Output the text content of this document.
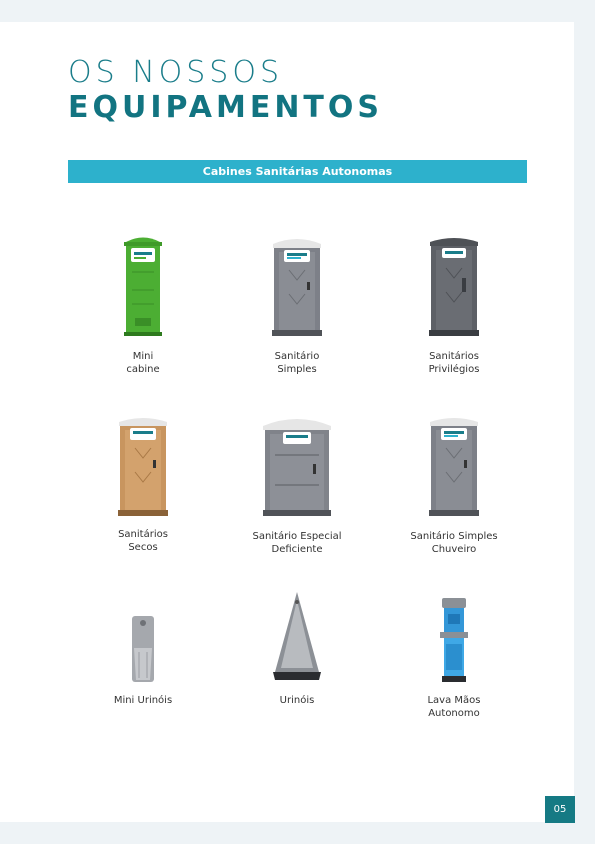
OS NOSSOS
EQUIPAMENTOS
Cabines Sanitárias Autonomas
Mini
cabine
Sanitário
Simples
Sanitários
Privilégios
Sanitários
Secos
Sanitário Especial
Deficiente
Sanitário Simples
Chuveiro
Mini Urinóis	Urinóis	Lava Mãos
Autonomo
05
